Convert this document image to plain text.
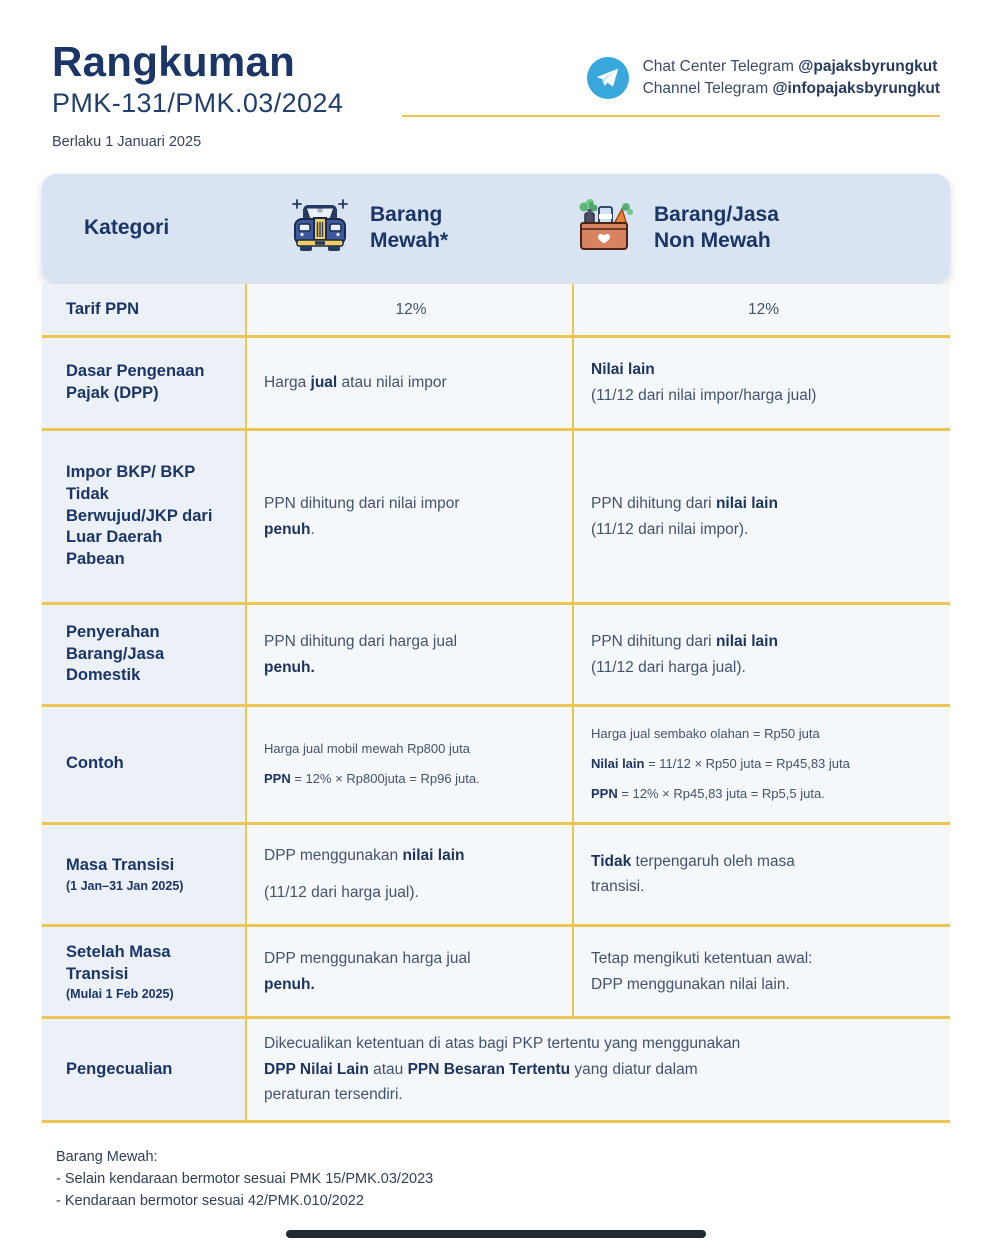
Rangkuman
PMK-131/PMK.03/2024
Berlaku 1 Januari 2025
Chat Center Telegram @pajaksbyrungkut
Channel Telegram @infopajaksbyrungkut
Kategori
Barang Mewah*
Barang/Jasa Non Mewah
Tarif PPN	12%	12%

Dasar Pengenaan Pajak (DPP)

Harga jual atau nilai impor

Nilai lain

(11/12 dari nilai impor/harga jual)

Impor BKP/ BKP Tidak Berwujud/JKP dari Luar Daerah Pabean

PPN dihitung dari nilai impor

penuh.

PPN dihitung dari nilai lain

(11/12 dari nilai impor).

Penyerahan Barang/Jasa Domestik

PPN dihitung dari harga jual

penuh.

PPN dihitung dari nilai lain

(11/12 dari harga jual).

Contoh

Harga jual mobil mewah Rp800 juta

PPN = 12% × Rp800juta = Rp96 juta.

Harga jual sembako olahan = Rp50 juta

Nilai lain = 11/12 × Rp50 juta = Rp45,83 juta

PPN = 12% × Rp45,83 juta = Rp5,5 juta.

Masa Transisi
(1 Jan–31 Jan 2025)

DPP menggunakan nilai lain

(11/12 dari harga jual).

Tidak terpengaruh oleh masa

transisi.

Setelah Masa Transisi
(Mulai 1 Feb 2025)

DPP menggunakan harga jual

penuh.

Tetap mengikuti ketentuan awal:

DPP menggunakan nilai lain.

Pengecualian

Dikecualikan ketentuan di atas bagi PKP tertentu yang menggunakan

DPP Nilai Lain atau PPN Besaran Tertentu yang diatur dalam

peraturan tersendiri.

Barang Mewah:
- Selain kendaraan bermotor sesuai PMK 15/PMK.03/2023
- Kendaraan bermotor sesuai 42/PMK.010/2022
